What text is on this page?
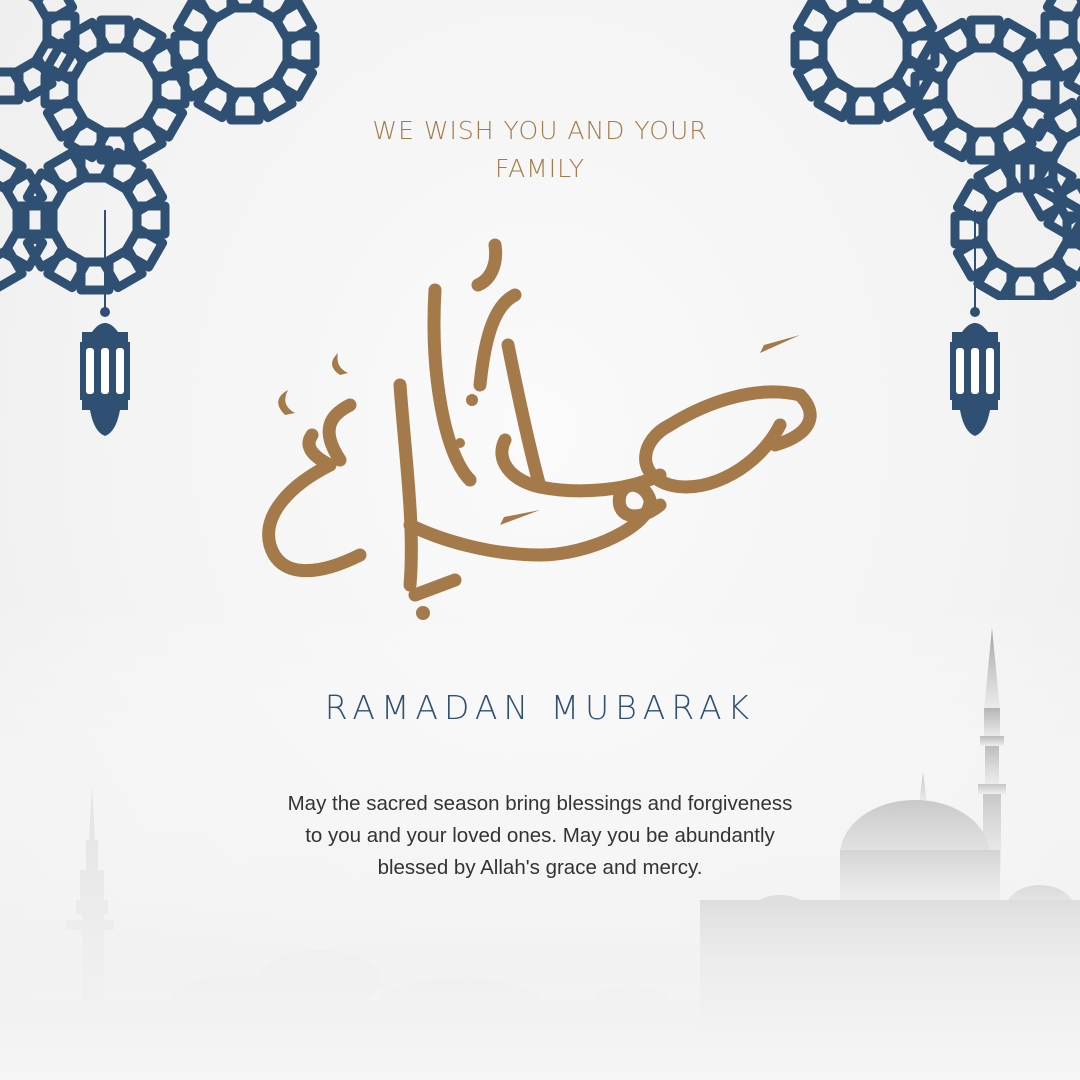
WE WISH YOU AND YOUR
FAMILY
RAMADAN MUBARAK
May the sacred season bring blessings and forgiveness
to you and your loved ones. May you be abundantly
blessed by Allah's grace and mercy.
